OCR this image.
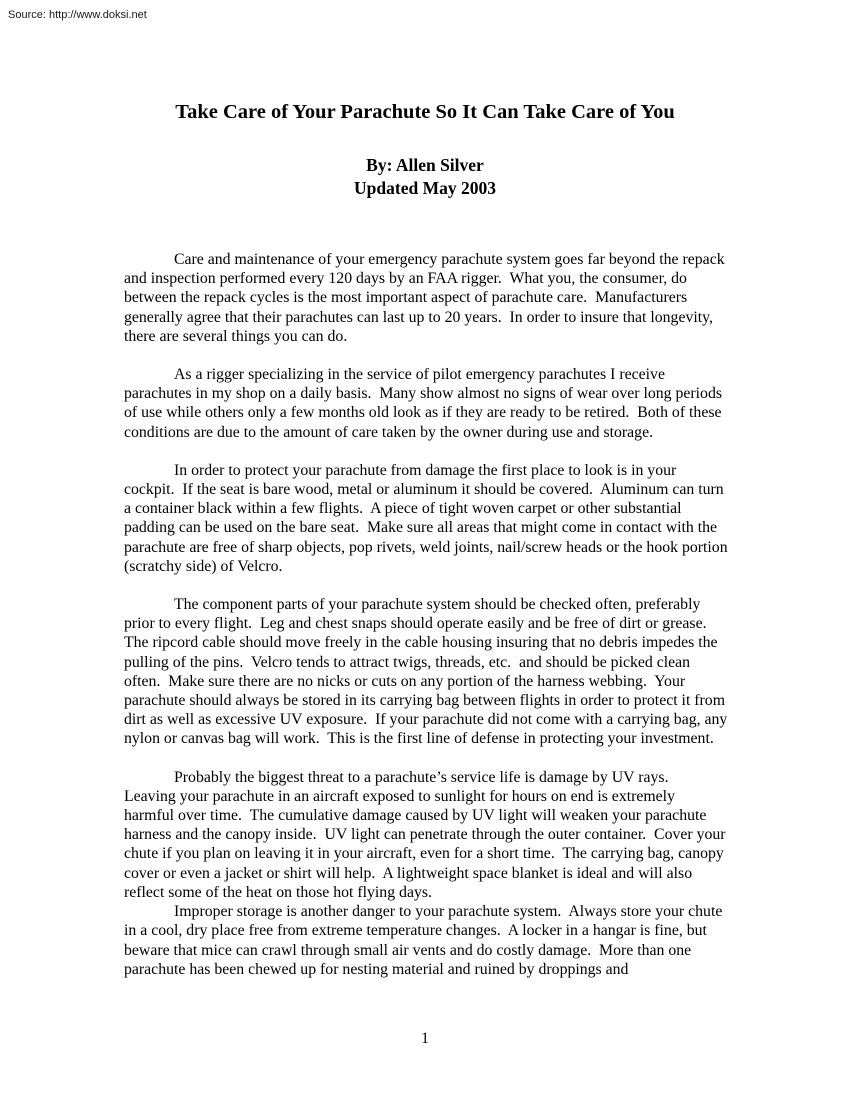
Source: http://www.doksi.net
Take Care of Your Parachute So It Can Take Care of You
By: Allen Silver
Updated May 2003

Care and maintenance of your emergency parachute system goes far beyond the repack and inspection performed every 120 days by an FAA rigger.  What you, the consumer, do between the repack cycles is the most important aspect of parachute care.  Manufacturers generally agree that their parachutes can last up to 20 years.  In order to insure that longevity, there are several things you can do.

As a rigger specializing in the service of pilot emergency parachutes I receive parachutes in my shop on a daily basis.  Many show almost no signs of wear over long periods of use while others only a few months old look as if they are ready to be retired.  Both of these conditions are due to the amount of care taken by the owner during use and storage.

In order to protect your parachute from damage the first place to look is in your cockpit.  If the seat is bare wood, metal or aluminum it should be covered.  Aluminum can turn a container black within a few flights.  A piece of tight woven carpet or other substantial padding can be used on the bare seat.  Make sure all areas that might come in contact with the parachute are free of sharp objects, pop rivets, weld joints, nail/screw heads or the hook portion (scratchy side) of Velcro.

The component parts of your parachute system should be checked often, preferably prior to every flight.  Leg and chest snaps should operate easily and be free of dirt or grease.  The ripcord cable should move freely in the cable housing insuring that no debris impedes the pulling of the pins.  Velcro tends to attract twigs, threads, etc.  and should be picked clean often.  Make sure there are no nicks or cuts on any portion of the harness webbing.  Your parachute should always be stored in its carrying bag between flights in order to protect it from dirt as well as excessive UV exposure.  If your parachute did not come with a carrying bag, any nylon or canvas bag will work.  This is the first line of defense in protecting your investment.

Probably the biggest threat to a parachute’s service life is damage by UV rays.  Leaving your parachute in an aircraft exposed to sunlight for hours on end is extremely harmful over time.  The cumulative damage caused by UV light will weaken your parachute harness and the canopy inside.  UV light can penetrate through the outer container.  Cover your chute if you plan on leaving it in your aircraft, even for a short time.  The carrying bag, canopy cover or even a jacket or shirt will help.  A lightweight space blanket is ideal and will also reflect some of the heat on those hot flying days.

Improper storage is another danger to your parachute system.  Always store your chute in a cool, dry place free from extreme temperature changes.  A locker in a hangar is fine, but beware that mice can crawl through small air vents and do costly damage.  More than one parachute has been chewed up for nesting material and ruined by droppings and

1
